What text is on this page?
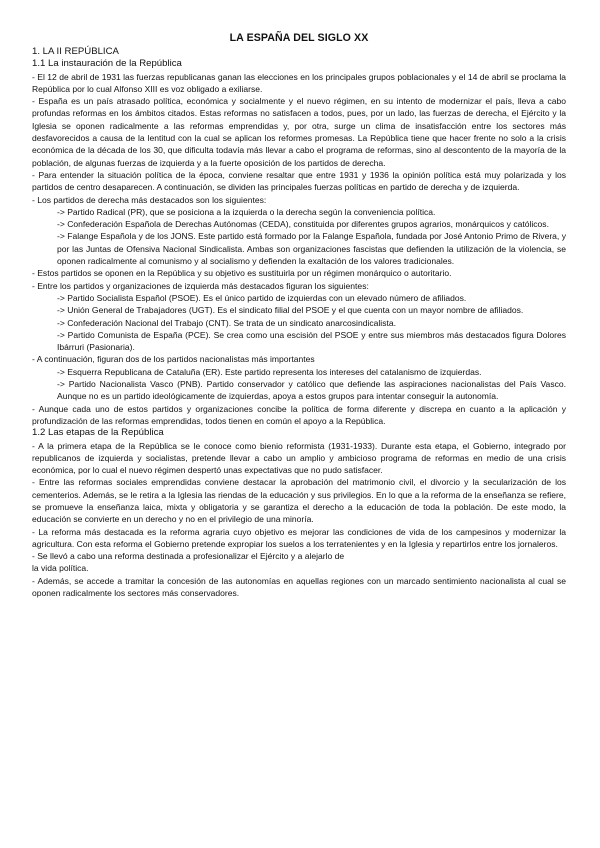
LA ESPAÑA DEL SIGLO XX
1. LA II REPÚBLICA
1.1 La instauración de la República
- El 12 de abril de 1931 las fuerzas republicanas ganan las elecciones en los principales grupos poblacionales y el 14 de abril se proclama la República por lo cual Alfonso XIII es voz obligado a exiliarse.
- España es un país atrasado política, económica y socialmente y el nuevo régimen, en su intento de modernizar el país, lleva a cabo profundas reformas en los ámbitos citados. Estas reformas no satisfacen a todos, pues, por un lado, las fuerzas de derecha, el Ejército y la Iglesia se oponen radicalmente a las reformas emprendidas y, por otra, surge un clima de insatisfacción entre los sectores más desfavorecidos a causa de la lentitud con la cual se aplican los reformes promesas. La República tiene que hacer frente no solo a la crisis económica de la década de los 30, que dificulta todavía más llevar a cabo el programa de reformas, sino al descontento de la mayoría de la población, de algunas fuerzas de izquierda y a la fuerte oposición de los partidos de derecha.
- Para entender la situación política de la época, conviene resaltar que entre 1931 y 1936 la opinión política está muy polarizada y los partidos de centro desaparecen. A continuación, se dividen las principales fuerzas políticas en partido de derecha y de izquierda.
- Los partidos de derecha más destacados son los siguientes:
-> Partido Radical (PR), que se posiciona a la izquierda o la derecha según la conveniencia política.
-> Confederación Española de Derechas Autónomas (CEDA), constituida por diferentes grupos agrarios, monárquicos y católicos.
-> Falange Española y de los JONS. Este partido está formado por la Falange Española, fundada por José Antonio Primo de Rivera, y por las Juntas de Ofensiva Nacional Sindicalista. Ambas son organizaciones fascistas que defienden la utilización de la violencia, se oponen radicalmente al comunismo y al socialismo y defienden la exaltación de los valores tradicionales.
- Estos partidos se oponen en la República y su objetivo es sustituirla por un régimen monárquico o autoritario.
- Entre los partidos y organizaciones de izquierda más destacados figuran los siguientes:
-> Partido Socialista Español (PSOE). Es el único partido de izquierdas con un elevado número de afiliados.
-> Unión General de Trabajadores (UGT). Es el sindicato filial del PSOE y el que cuenta con un mayor nombre de afiliados.
-> Confederación Nacional del Trabajo (CNT). Se trata de un sindicato anarcosindicalista.
-> Partido Comunista de España (PCE). Se crea como una escisión del PSOE y entre sus miembros más destacados figura Dolores Ibárruri (Pasionaria).
- A continuación, figuran dos de los partidos nacionalistas más importantes
-> Esquerra Republicana de Cataluña (ER). Este partido representa los intereses del catalanismo de izquierdas.
-> Partido Nacionalista Vasco (PNB). Partido conservador y católico que defiende las aspiraciones nacionalistas del País Vasco. Aunque no es un partido ideológicamente de izquierdas, apoya a estos grupos para intentar conseguir la autonomía.
- Aunque cada uno de estos partidos y organizaciones concibe la política de forma diferente y discrepa en cuanto a la aplicación y profundización de las reformas emprendidas, todos tienen en común el apoyo a la República.
1.2 Las etapas de la República
- A la primera etapa de la República se le conoce como bienio reformista (1931-1933). Durante esta etapa, el Gobierno, integrado por republicanos de izquierda y socialistas, pretende llevar a cabo un amplio y ambicioso programa de reformas en medio de una crisis económica, por lo cual el nuevo régimen despertó unas expectativas que no pudo satisfacer.
- Entre las reformas sociales emprendidas conviene destacar la aprobación del matrimonio civil, el divorcio y la secularización de los cementerios. Además, se le retira a la Iglesia las riendas de la educación y sus privilegios. En lo que a la reforma de la enseñanza se refiere, se promueve la enseñanza laica, mixta y obligatoria y se garantiza el derecho a la educación de toda la población. De este modo, la educación se convierte en un derecho y no en el privilegio de una minoría.
- La reforma más destacada es la reforma agraria cuyo objetivo es mejorar las condiciones de vida de los campesinos y modernizar la agricultura. Con esta reforma el Gobierno pretende expropiar los suelos a los terratenientes y en la Iglesia y repartirlos entre los jornaleros.
- Se llevó a cabo una reforma destinada a profesionalizar el Ejército y a alejarlo de
la vida política.
- Además, se accede a tramitar la concesión de las autonomías en aquellas regiones con un marcado sentimiento nacionalista al cual se oponen radicalmente los sectores más conservadores.
